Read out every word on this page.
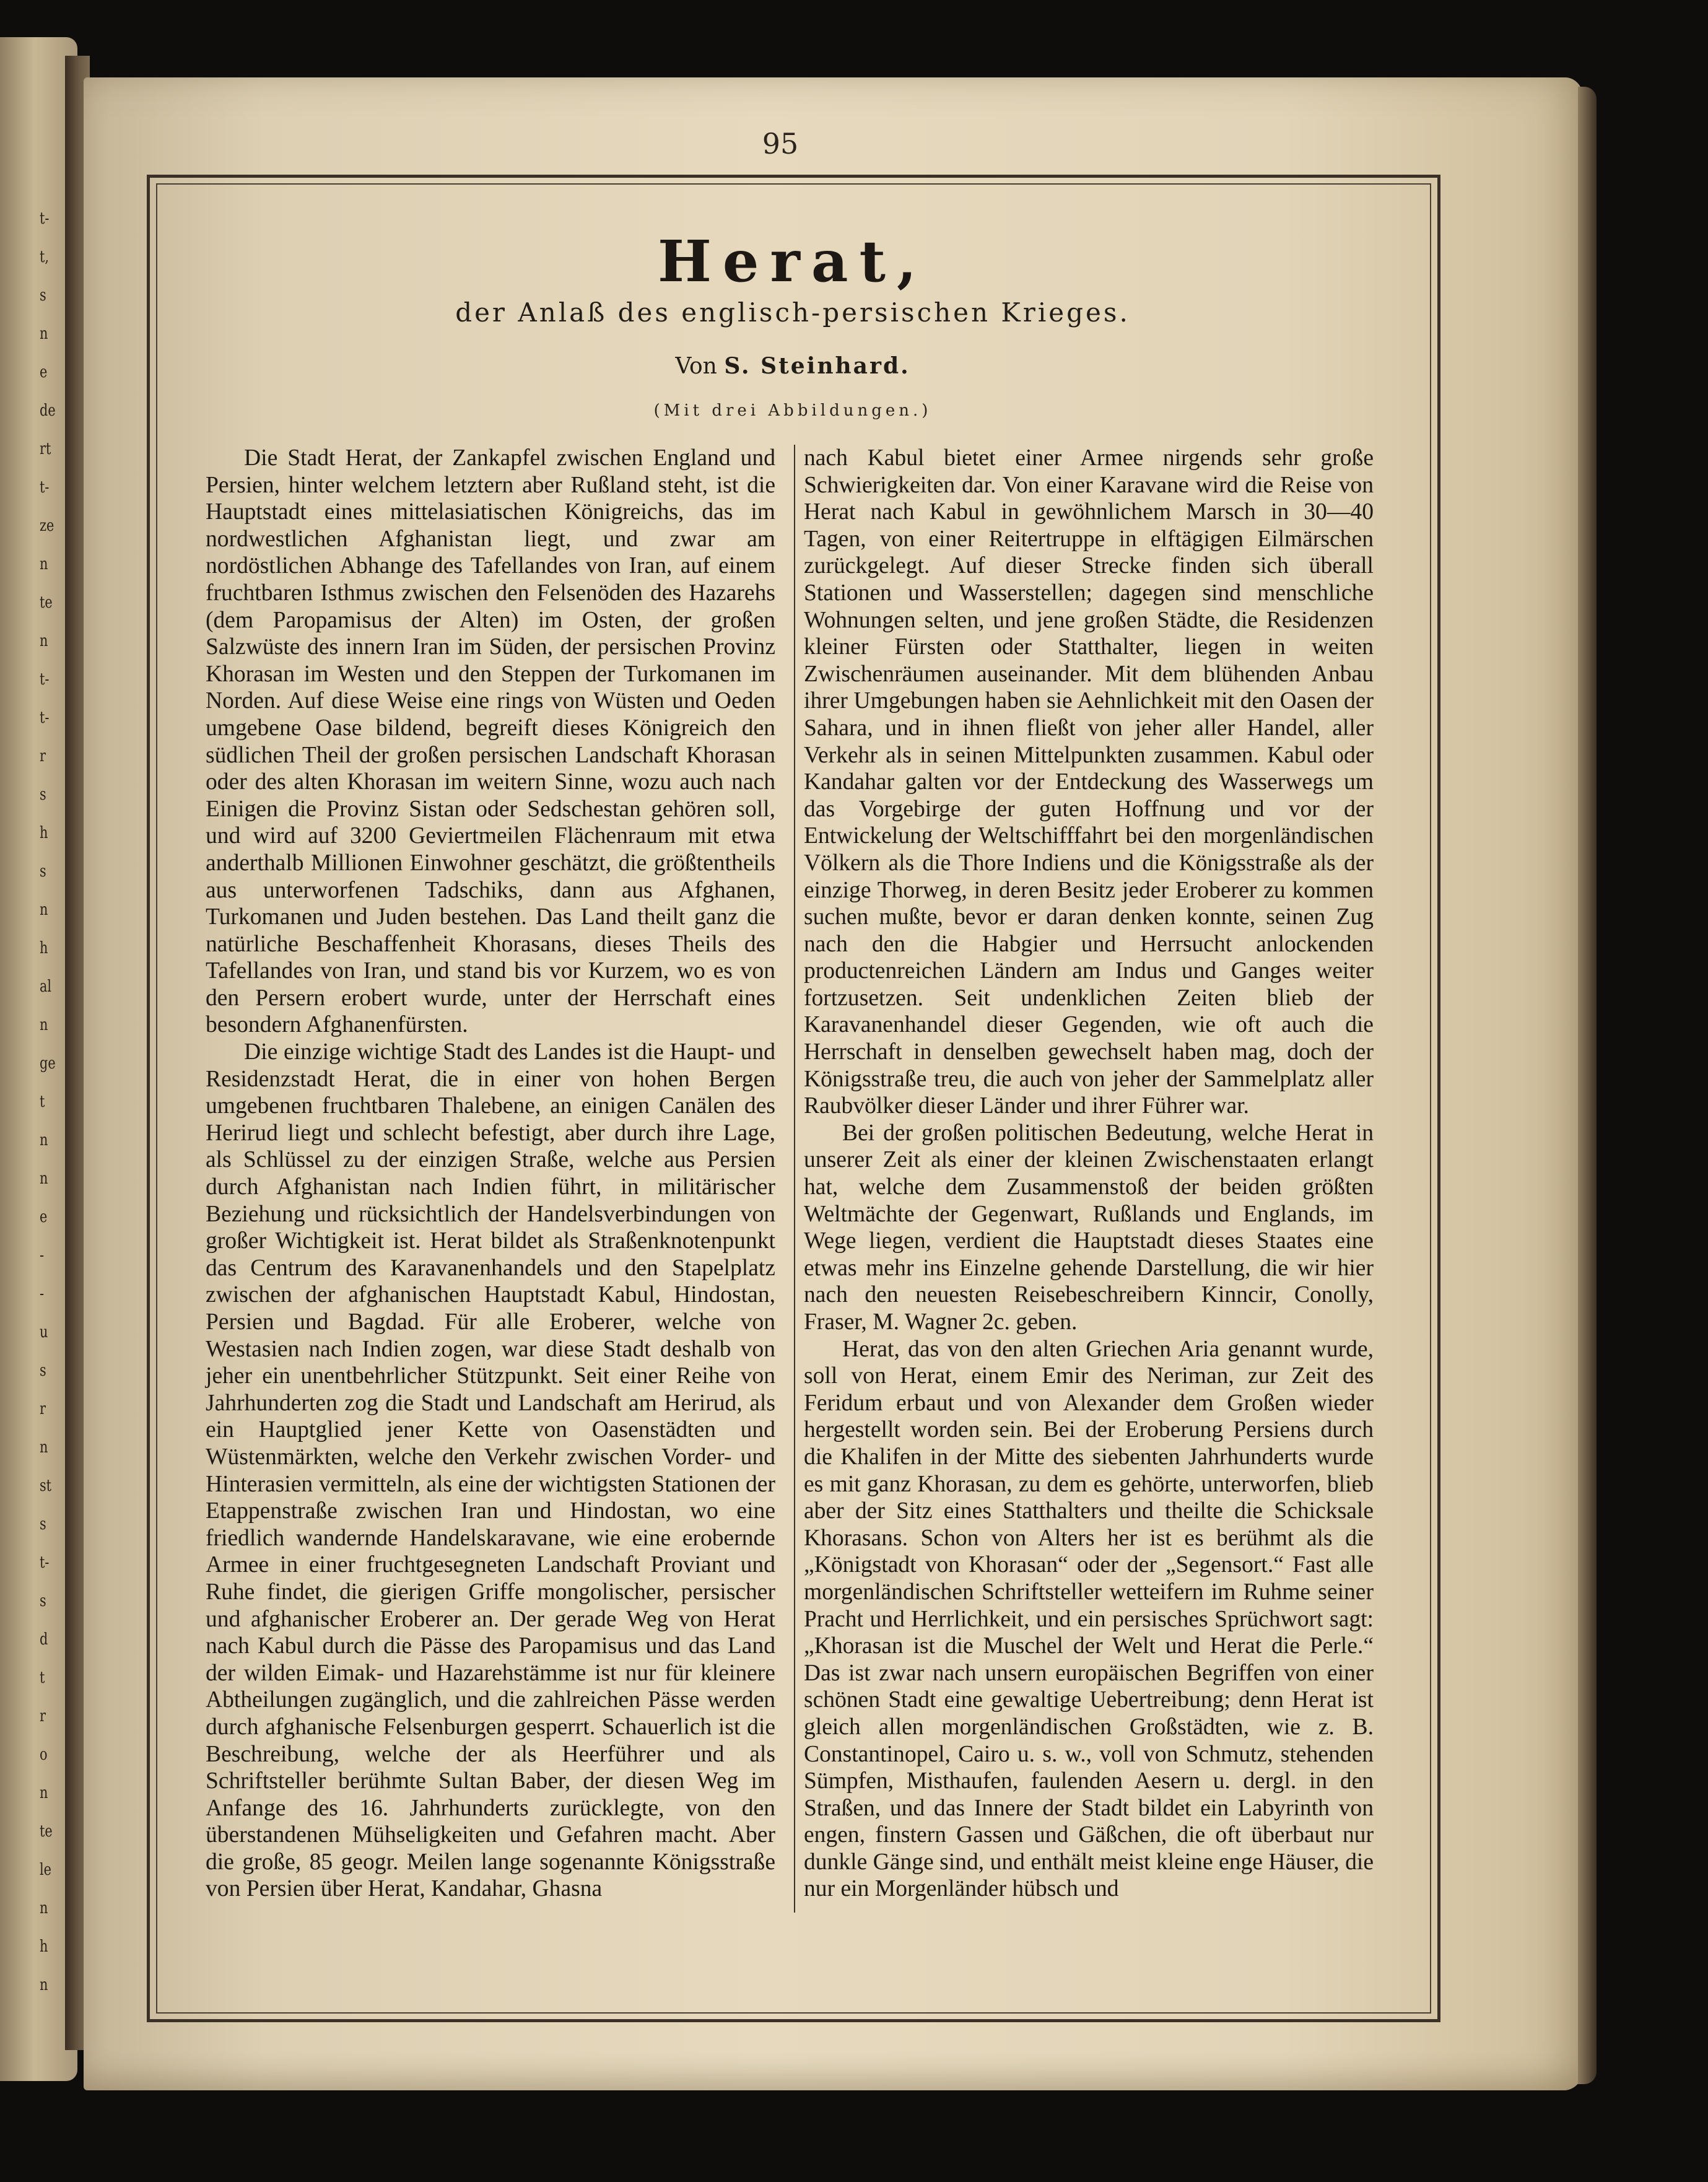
t-
t,
s
n
e
de
rt
t-
ze
n
te
n
t-
t-
r
s
h
s
n
h
al
n
ge
t
n
n
e
-
-
u
s
r
n
st
s
t-
s
d
t
r
o
n
te
le
n
h
n
95
Herat,
der Anlaß des englisch-persischen Krieges.
Von S. Steinhard.
(Mit drei Abbildungen.)

Die Stadt Herat, der Zankapfel zwischen England und Persien, hinter welchem letztern aber Rußland steht, ist die Hauptstadt eines mittelasiatischen Königreichs, das im nordwestlichen Afghanistan liegt, und zwar am nordöstlichen Abhange des Tafellandes von Iran, auf einem fruchtbaren Isthmus zwischen den Felsenöden des Hazarehs (dem Paropamisus der Alten) im Osten, der großen Salzwüste des innern Iran im Süden, der persischen Provinz Khorasan im Westen und den Steppen der Turkomanen im Norden. Auf diese Weise eine rings von Wüsten und Oeden umgebene Oase bildend, begreift dieses Königreich den südlichen Theil der großen persischen Landschaft Khorasan oder des alten Khorasan im weitern Sinne, wozu auch nach Einigen die Provinz Sistan oder Sedschestan gehören soll, und wird auf 3200 Geviertmeilen Flächenraum mit etwa anderthalb Millionen Einwohner geschätzt, die größtentheils aus unterworfenen Tadschiks, dann aus Afghanen, Turkomanen und Juden bestehen. Das Land theilt ganz die natürliche Beschaffenheit Khorasans, dieses Theils des Tafellandes von Iran, und stand bis vor Kurzem, wo es von den Persern erobert wurde, unter der Herrschaft eines besondern Afghanenfürsten.

Die einzige wichtige Stadt des Landes ist die Haupt- und Residenzstadt Herat, die in einer von hohen Bergen umgebenen fruchtbaren Thalebene, an einigen Canälen des Herirud liegt und schlecht befestigt, aber durch ihre Lage, als Schlüssel zu der einzigen Straße, welche aus Persien durch Afghanistan nach Indien führt, in militärischer Beziehung und rücksichtlich der Handelsverbindungen von großer Wichtigkeit ist. Herat bildet als Straßenknotenpunkt das Centrum des Karavanenhandels und den Stapelplatz zwischen der afghanischen Hauptstadt Kabul, Hindostan, Persien und Bagdad. Für alle Eroberer, welche von Westasien nach Indien zogen, war diese Stadt deshalb von jeher ein unentbehrlicher Stützpunkt. Seit einer Reihe von Jahrhunderten zog die Stadt und Landschaft am Herirud, als ein Hauptglied jener Kette von Oasenstädten und Wüstenmärkten, welche den Verkehr zwischen Vorder- und Hinterasien vermitteln, als eine der wichtigsten Stationen der Etappenstraße zwischen Iran und Hindostan, wo eine friedlich wandernde Handelskaravane, wie eine erobernde Armee in einer fruchtgesegneten Landschaft Proviant und Ruhe findet, die gierigen Griffe mongolischer, persischer und afghanischer Eroberer an. Der gerade Weg von Herat nach Kabul durch die Pässe des Paropamisus und das Land der wilden Eimak- und Hazarehstämme ist nur für kleinere Abtheilungen zugänglich, und die zahlreichen Pässe werden durch afghanische Felsenburgen gesperrt. Schauerlich ist die Beschreibung, welche der als Heerführer und als Schriftsteller berühmte Sultan Baber, der diesen Weg im Anfange des 16. Jahrhunderts zurücklegte, von den überstandenen Mühseligkeiten und Gefahren macht. Aber die große, 85 geogr. Meilen lange sogenannte Königsstraße von Persien über Herat, Kandahar, Ghasna

nach Kabul bietet einer Armee nirgends sehr große Schwierigkeiten dar. Von einer Karavane wird die Reise von Herat nach Kabul in gewöhnlichem Marsch in 30—40 Tagen, von einer Reitertruppe in elftägigen Eilmärschen zurückgelegt. Auf dieser Strecke finden sich überall Stationen und Wasserstellen; dagegen sind menschliche Wohnungen selten, und jene großen Städte, die Residenzen kleiner Fürsten oder Statthalter, liegen in weiten Zwischenräumen auseinander. Mit dem blühenden Anbau ihrer Umgebungen haben sie Aehnlichkeit mit den Oasen der Sahara, und in ihnen fließt von jeher aller Handel, aller Verkehr als in seinen Mittelpunkten zusammen. Kabul oder Kandahar galten vor der Entdeckung des Wasserwegs um das Vorgebirge der guten Hoffnung und vor der Entwickelung der Weltschifffahrt bei den morgenländischen Völkern als die Thore Indiens und die Königsstraße als der einzige Thorweg, in deren Besitz jeder Eroberer zu kommen suchen mußte, bevor er daran denken konnte, seinen Zug nach den die Habgier und Herrsucht anlockenden productenreichen Ländern am Indus und Ganges weiter fortzusetzen. Seit undenklichen Zeiten blieb der Karavanenhandel dieser Gegenden, wie oft auch die Herrschaft in denselben gewechselt haben mag, doch der Königsstraße treu, die auch von jeher der Sammelplatz aller Raubvölker dieser Länder und ihrer Führer war.

Bei der großen politischen Bedeutung, welche Herat in unserer Zeit als einer der kleinen Zwischenstaaten erlangt hat, welche dem Zusammenstoß der beiden größten Weltmächte der Gegenwart, Rußlands und Englands, im Wege liegen, verdient die Hauptstadt dieses Staates eine etwas mehr ins Einzelne gehende Darstellung, die wir hier nach den neuesten Reisebeschreibern Kinncir, Conolly, Fraser, M. Wagner 2c. geben.

Herat, das von den alten Griechen Aria genannt wurde, soll von Herat, einem Emir des Neriman, zur Zeit des Feridum erbaut und von Alexander dem Großen wieder hergestellt worden sein. Bei der Eroberung Persiens durch die Khalifen in der Mitte des siebenten Jahrhunderts wurde es mit ganz Khorasan, zu dem es gehörte, unterworfen, blieb aber der Sitz eines Statthalters und theilte die Schicksale Khorasans. Schon von Alters her ist es berühmt als die „Königstadt von Khorasan“ oder der „Segensort.“ Fast alle morgenländischen Schriftsteller wetteifern im Ruhme seiner Pracht und Herrlichkeit, und ein persisches Sprüchwort sagt: „Khorasan ist die Muschel der Welt und Herat die Perle.“ Das ist zwar nach unsern europäischen Begriffen von einer schönen Stadt eine gewaltige Uebertreibung; denn Herat ist gleich allen morgenländischen Großstädten, wie z. B. Constantinopel, Cairo u. s. w., voll von Schmutz, stehenden Sümpfen, Misthaufen, faulenden Aesern u. dergl. in den Straßen, und das Innere der Stadt bildet ein Labyrinth von engen, finstern Gassen und Gäßchen, die oft überbaut nur dunkle Gänge sind, und enthält meist kleine enge Häuser, die nur ein Morgenländer hübsch und
